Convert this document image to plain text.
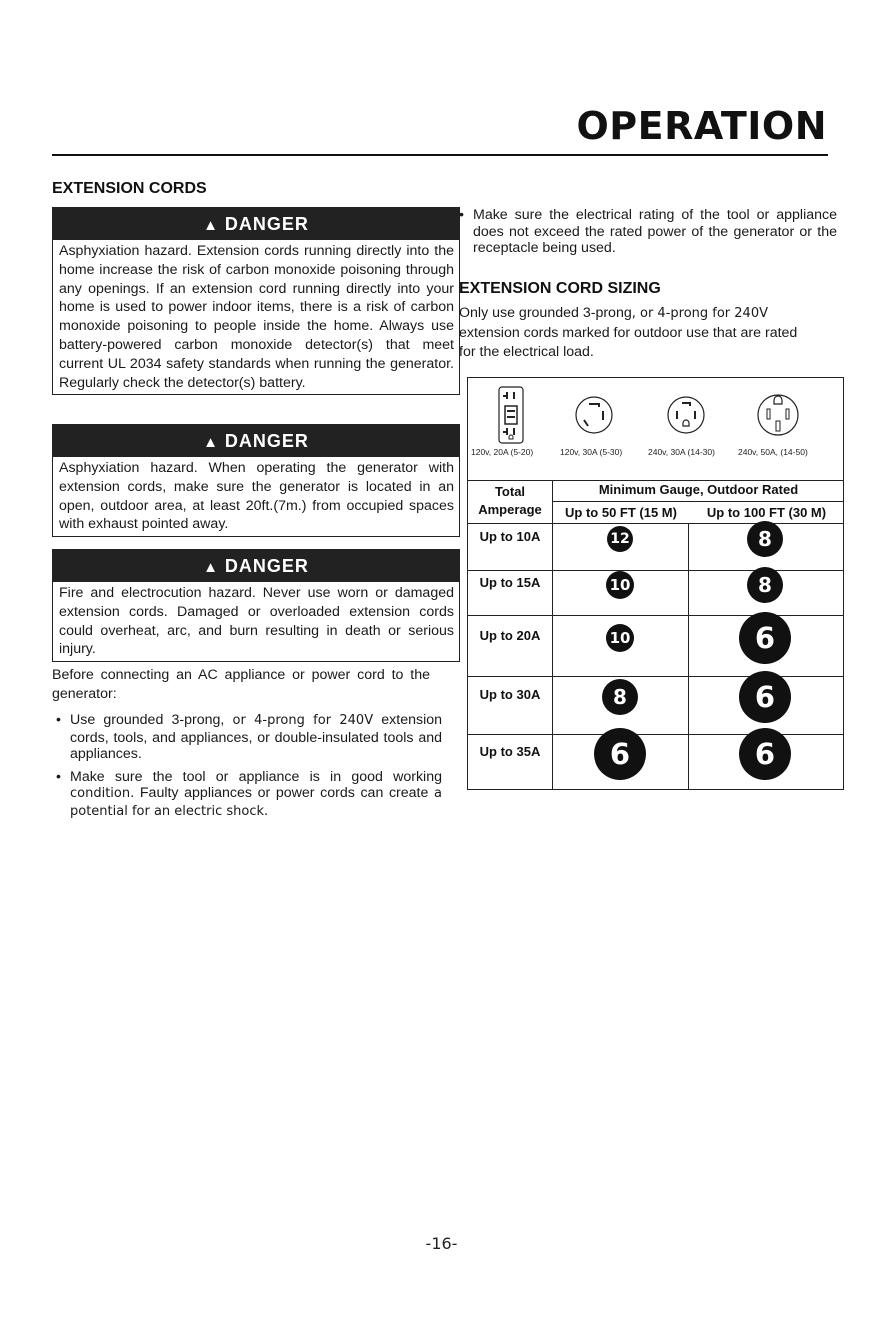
OPERATION
EXTENSION CORDS
▲ DANGER
Asphyxiation hazard. Extension cords running directly into the home increase the risk of carbon monoxide poisoning through any openings. If an extension cord running directly into your home is used to power indoor items, there is a risk of carbon monoxide poisoning to people inside the home. Always use battery-powered carbon monoxide detector(s) that meet current UL 2034 safety standards when running the generator. Regularly check the detector(s) battery.
▲ DANGER
Asphyxiation hazard. When operating the generator with extension cords, make sure the generator is located in an open, outdoor area, at least 20ft.(7m.) from occupied spaces with exhaust pointed away.
▲ DANGER
Fire and electrocution hazard. Never use worn or damaged extension cords. Damaged or overloaded extension cords could overheat, arc, and burn resulting in death or serious injury.
Before connecting an AC appliance or power cord to the generator:
• Use grounded 3-prong, or 4-prong for 240V extension cords, tools, and appliances, or double-insulated tools and appliances.
• Make sure the tool or appliance is in good working condition. Faulty appliances or power cords can create a potential for an electric shock.
• Make sure the electrical rating of the tool or appliance does not exceed the rated power of the generator or the receptacle being used.
EXTENSION CORD SIZING
Only use grounded 3-prong, or 4-prong for 240V extension cords marked for outdoor use that are rated for the electrical load.
120v, 20A (5-20)	120v, 30A (5-30)	240v, 30A (14-30)	240v, 50A, (14-50)
Total
Amperage
Minimum Gauge, Outdoor Rated
Up to 50 FT (15 M)	Up to 100 FT (30 M)
Up to 10A	12	8
Up to 15A	10	8
Up to 20A	10	6
Up to 30A	8	6
Up to 35A	6	6
-16-
